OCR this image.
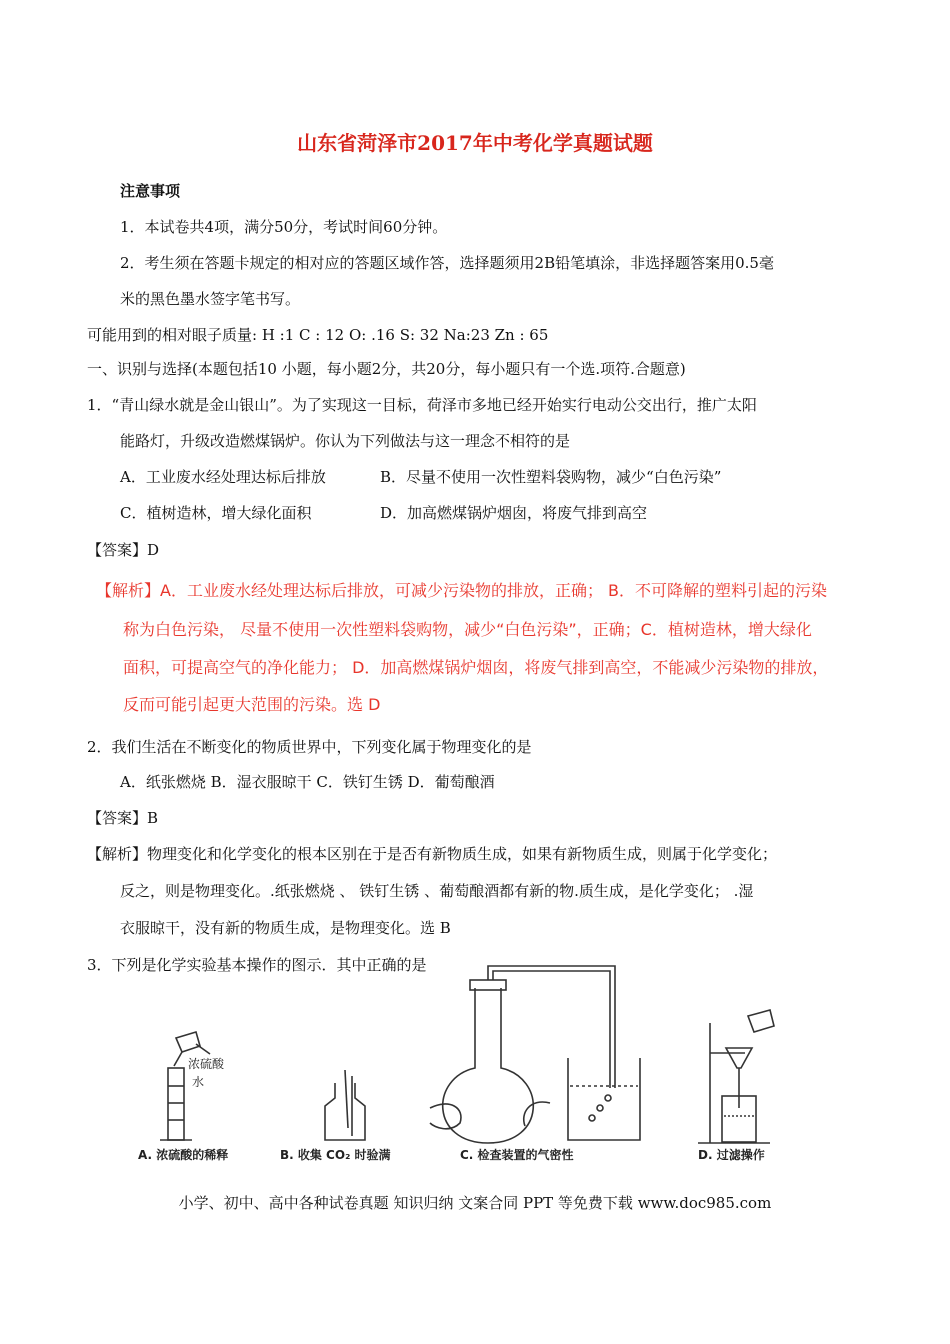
山东省菏泽市2017年中考化学真题试题
注意事项
1．本试卷共4项，满分50分，考试时间60分钟。
2．考生须在答题卡规定的相对应的答题区域作答，选择题须用2B铅笔填涂，非选择题答案用0.5毫
米的黑色墨水签字笔书写。
可能用到的相对眼子质量: H :1 C : 12 O: .16 S: 32 Na:23 Zn : 65
一、识别与选择(本题包括10 小题，每小题2分，共20分，每小题只有一个选.项符.合题意)
1．“青山绿水就是金山银山”。为了实现这一目标，荷泽市多地已经开始实行电动公交出行，推广太阳
能路灯，升级改造燃煤锅炉。你认为下列做法与这一理念不相符的是
A．工业废水经处理达标后排放	B．尽量不使用一次性塑料袋购物，减少“白色污染”
C．植树造林，增大绿化面积	D．加高燃煤锅炉烟囱，将废气排到高空
【答案】D
【解析】A．工业废水经处理达标后排放，可减少污染物的排放，正确； B．不可降解的塑料引起的污染
称为白色污染， 尽量不使用一次性塑料袋购物，减少“白色污染”，正确；C．植树造林，增大绿化
面积，可提高空气的净化能力； D．加高燃煤锅炉烟囱，将废气排到高空，不能减少污染物的排放，
反而可能引起更大范围的污染。选 D
2．我们生活在不断变化的物质世界中，下列变化属于物理变化的是
A．纸张燃烧 B．湿衣服晾干 C．铁钉生锈 D．葡萄酿酒
【答案】B
【解析】物理变化和化学变化的根本区别在于是否有新物质生成，如果有新物质生成，则属于化学变化；
反之，则是物理变化。.纸张燃烧 、 铁钉生锈 、葡萄酿酒都有新的物.质生成，是化学变化； .湿
衣服晾干，没有新的物质生成，是物理变化。选 B
3．下列是化学实验基本操作的图示．其中正确的是
浓硫酸
水
A. 浓硫酸的稀释	B. 收集 CO₂ 时验满	C. 检查装置的气密性	D. 过滤操作
小学、初中、高中各种试卷真题 知识归纳 文案合同 PPT 等免费下载 www.doc985.com
